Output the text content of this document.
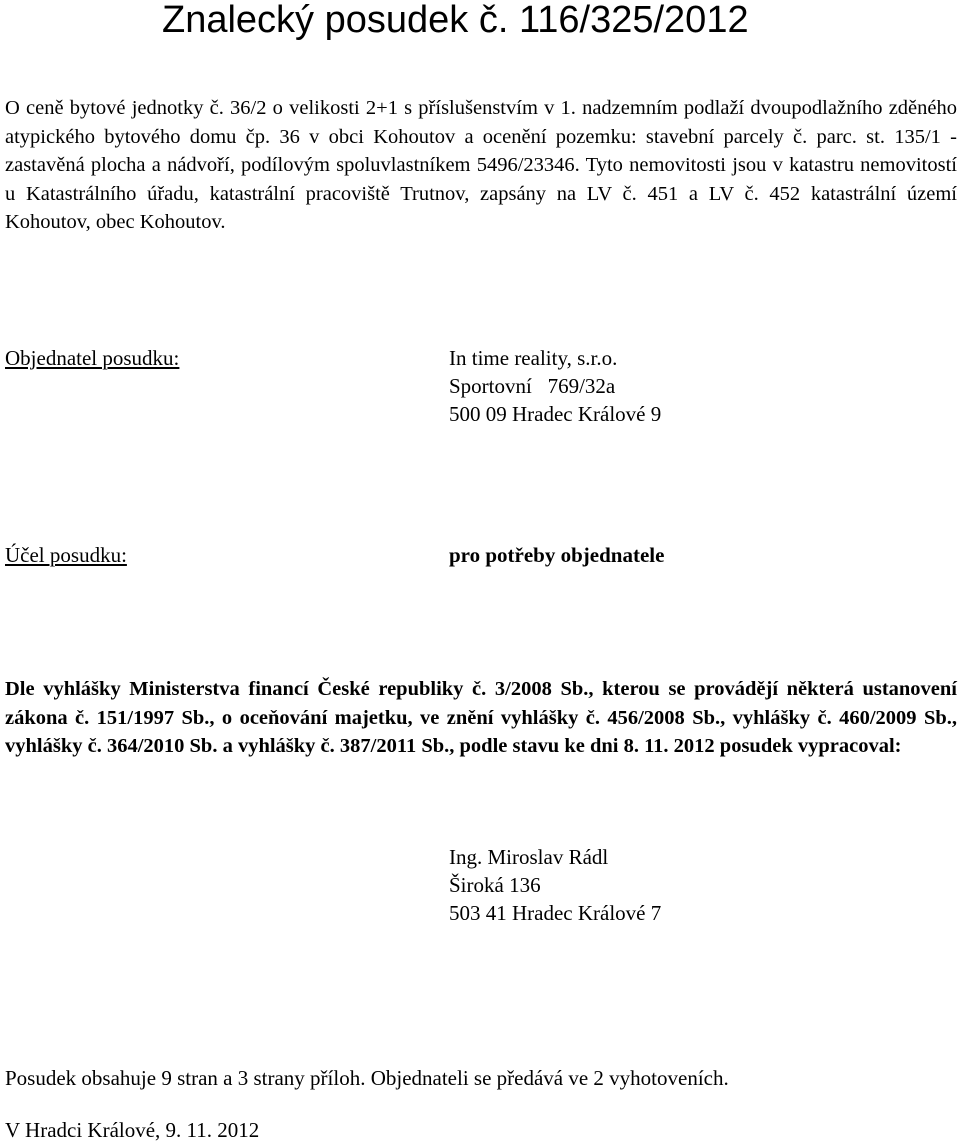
Znalecký posudek č. 116/325/2012

O ceně bytové jednotky č. 36/2 o velikosti 2+1 s příslušenstvím v 1. nadzemním podlaží dvoupodlažního zděného atypického bytového domu čp. 36 v obci Kohoutov a ocenění pozemku: stavební parcely č. parc. st. 135/1 - zastavěná plocha a nádvoří, podílovým spoluvlastníkem 5496/23346. Tyto nemovitosti jsou v katastru nemovitostí u Katastrálního úřadu, katastrální pracoviště Trutnov, zapsány na LV č. 451 a LV č. 452 katastrální území Kohoutov, obec Kohoutov.

Objednatel posudku:	In time reality, s.r.o.
Sportovní   769/32a
500 09 Hradec Králové 9
Účel posudku:	pro potřeby objednatele

Dle vyhlášky Ministerstva financí České republiky č. 3/2008 Sb., kterou se provádějí některá ustanovení zákona č. 151/1997 Sb., o oceňování majetku, ve znění vyhlášky č. 456/2008 Sb., vyhlášky č. 460/2009 Sb., vyhlášky č. 364/2010 Sb. a vyhlášky č. 387/2011 Sb., podle stavu ke dni 8. 11. 2012 posudek vypracoval:

Ing. Miroslav Rádl
Široká 136
503 41 Hradec Králové 7
Posudek obsahuje 9 stran a 3 strany příloh. Objednateli se předává ve 2 vyhotoveních.
V Hradci Králové, 9. 11. 2012
